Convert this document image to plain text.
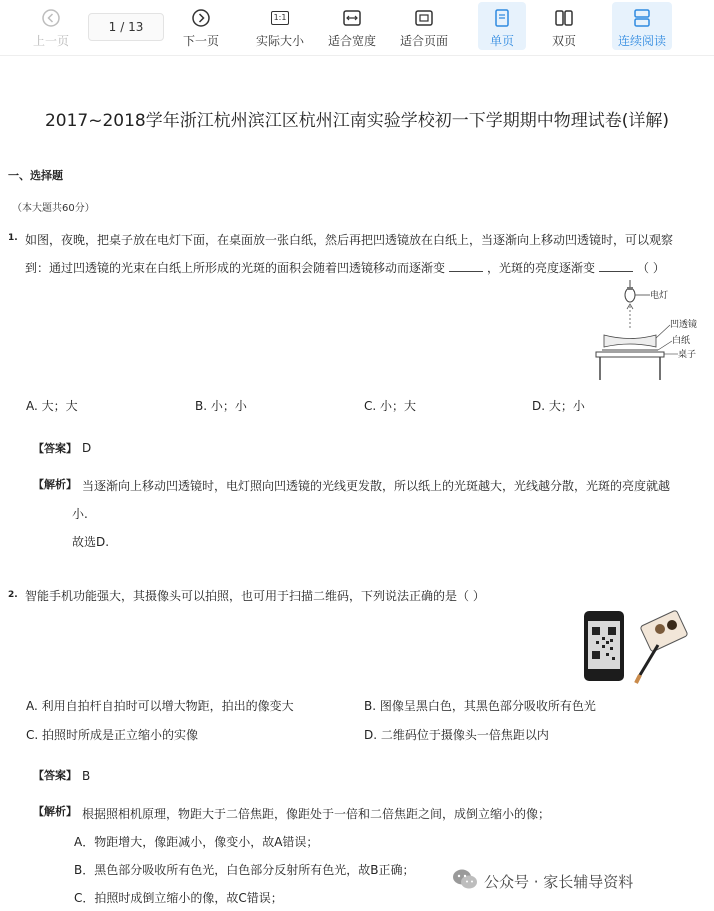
上一页
1 / 13
下一页
1:1
实际大小 适合宽度 适合页面	单页	双页	连续阅读
2017~2018学年浙江杭州滨江区杭州江南实验学校初一下学期期中物理试卷(详解)
一、选择题
（本大题共60分）
1. 如图，夜晚，把桌子放在电灯下面，在桌面放一张白纸，然后再把凹透镜放在白纸上，当逐渐向上移动凹透镜时，可以观察
到：通过凹透镜的光束在白纸上所形成的光斑的面积会随着凹透镜移动而逐渐变	，光斑的亮度逐渐变	（ ）
电灯
凹透镜
白纸
桌子
A. 大；大	B. 小；小	C. 小；大	D. 大；小
【答案】 D
【解析】 当逐渐向上移动凹透镜时，电灯照向凹透镜的光线更发散，所以纸上的光斑越大，光线越分散，光斑的亮度就越
小.
故选D.
2. 智能手机功能强大，其摄像头可以拍照，也可用于扫描二维码，下列说法正确的是（ ）
A. 利用自拍杆自拍时可以增大物距，拍出的像变大	B. 图像呈黑白色，其黑色部分吸收所有色光
C. 拍照时所成是正立缩小的实像	D. 二维码位于摄像头一倍焦距以内
【答案】 B
【解析】 根据照相机原理，物距大于二倍焦距，像距处于一倍和二倍焦距之间，成倒立缩小的像；
A．物距增大，像距减小，像变小，故A错误；
B．黑色部分吸收所有色光，白色部分反射所有色光，故B正确；
C．拍照时成倒立缩小的像，故C错误；
公众号 · 家长辅导资料
